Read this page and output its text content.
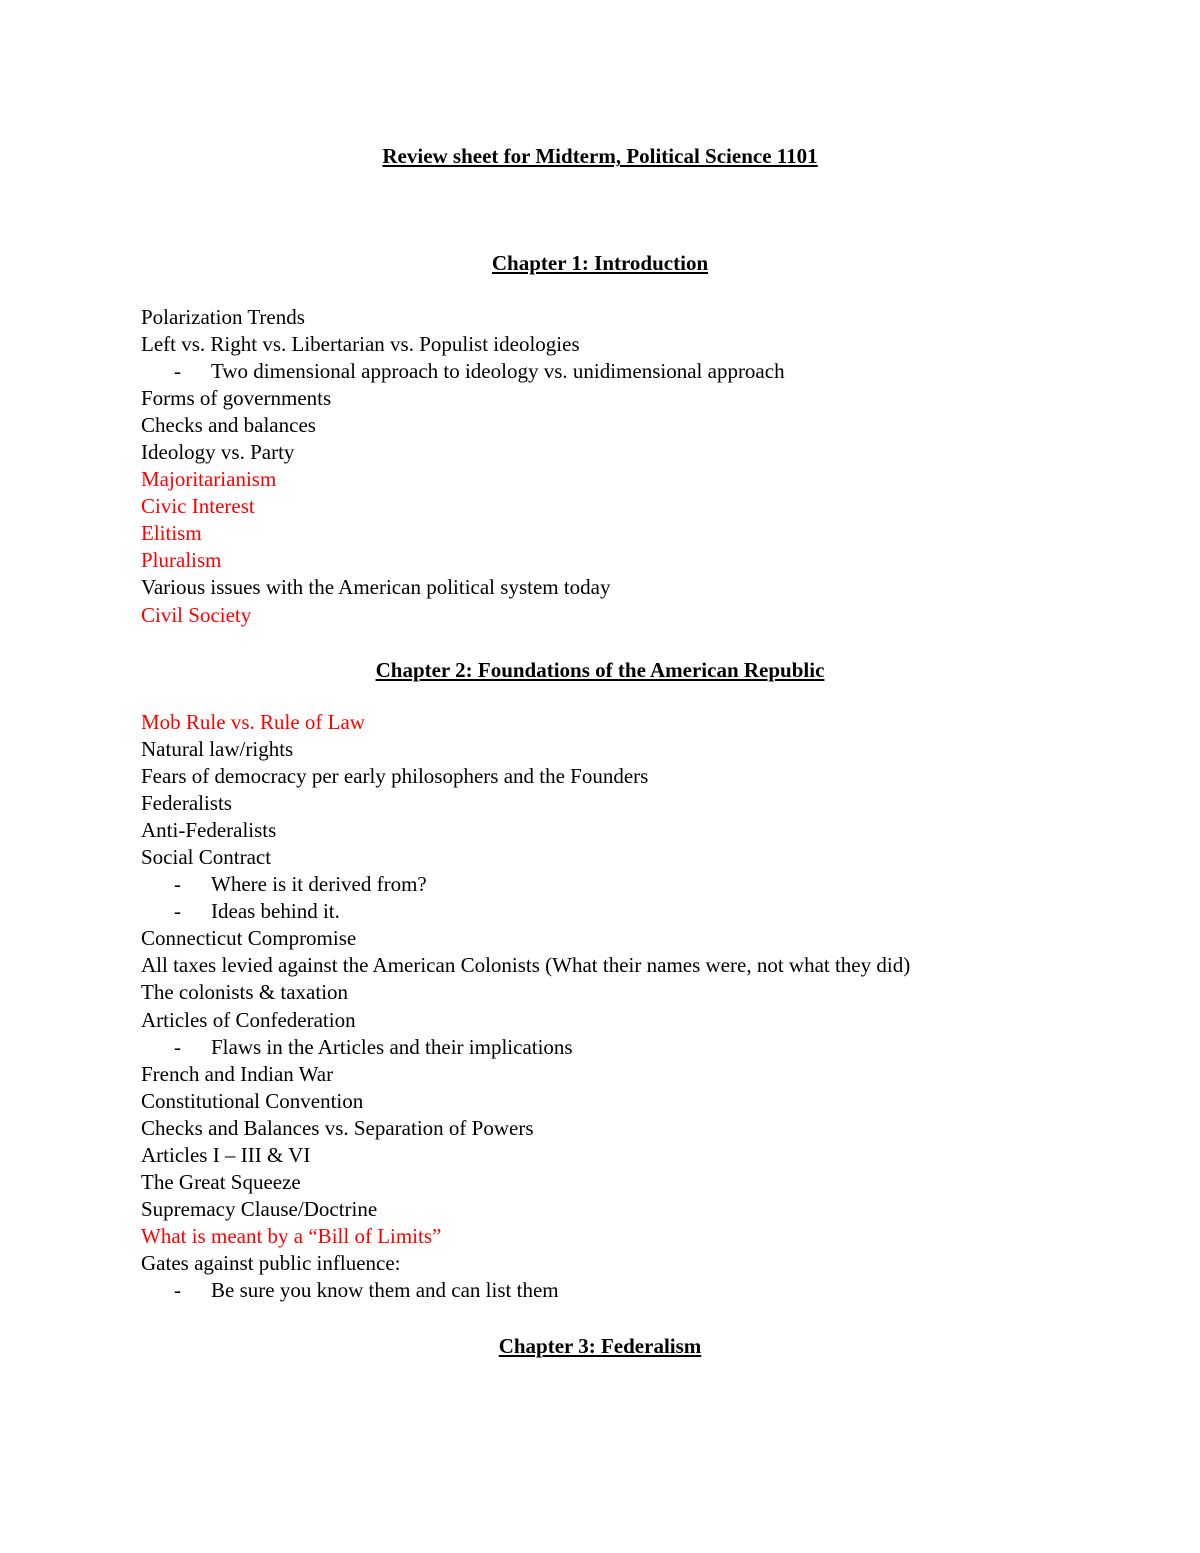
Review sheet for Midterm, Political Science 1101
Chapter 1: Introduction
Polarization Trends
Left vs. Right vs. Libertarian vs. Populist ideologies
- Two dimensional approach to ideology vs. unidimensional approach
Forms of governments
Checks and balances
Ideology vs. Party
Majoritarianism
Civic Interest
Elitism
Pluralism
Various issues with the American political system today
Civil Society
Chapter 2: Foundations of the American Republic
Mob Rule vs. Rule of Law
Natural law/rights
Fears of democracy per early philosophers and the Founders
Federalists
Anti-Federalists
Social Contract
- Where is it derived from?
- Ideas behind it.
Connecticut Compromise
All taxes levied against the American Colonists (What their names were, not what they did)
The colonists & taxation
Articles of Confederation
- Flaws in the Articles and their implications
French and Indian War
Constitutional Convention
Checks and Balances vs. Separation of Powers
Articles I – III & VI
The Great Squeeze
Supremacy Clause/Doctrine
What is meant by a “Bill of Limits”
Gates against public influence:
- Be sure you know them and can list them
Chapter 3: Federalism
